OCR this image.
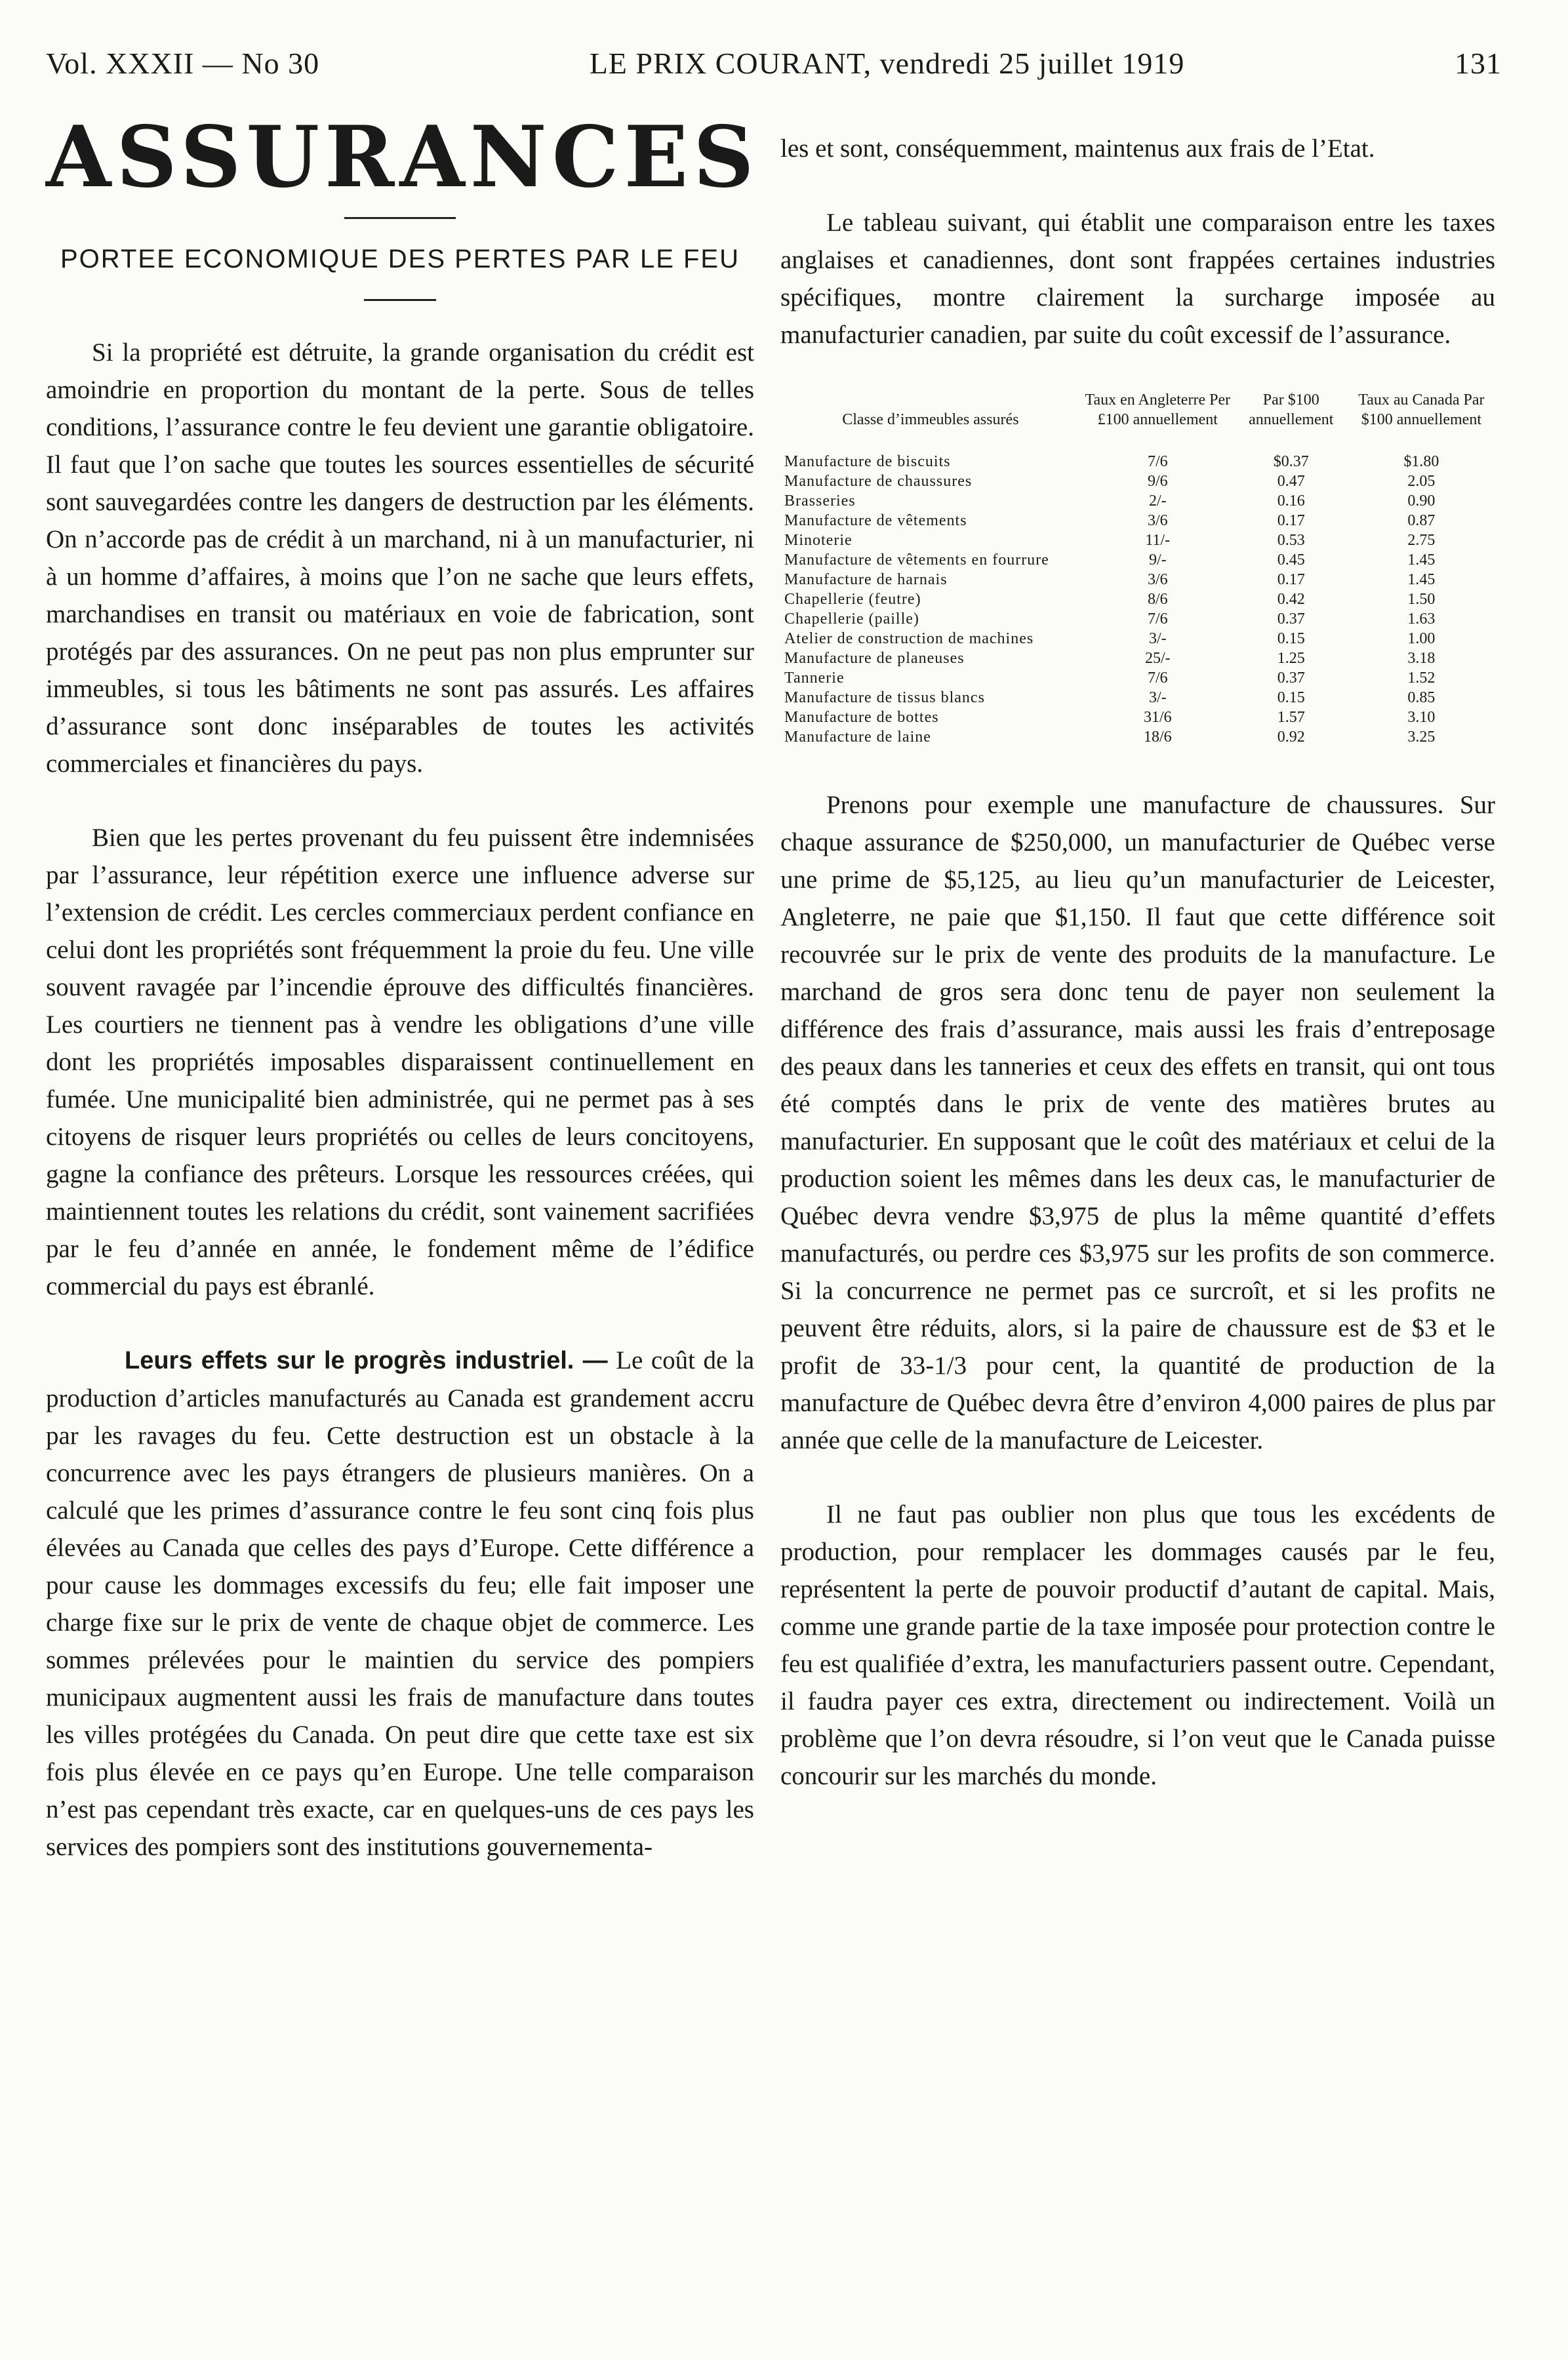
Vol. XXXII — No 30	LE PRIX COURANT, vendredi 25 juillet 1919	131
ASSURANCES
PORTEE ECONOMIQUE DES PERTES PAR LE FEU

Si la propriété est détruite, la grande organisation du crédit est amoindrie en proportion du montant de la perte. Sous de telles conditions, l’assurance contre le feu devient une garantie obligatoire. Il faut que l’on sache que toutes les sources essentielles de sécurité sont sauvegardées contre les dangers de destruction par les éléments. On n’accorde pas de crédit à un marchand, ni à un manufacturier, ni à un homme d’affaires, à moins que l’on ne sache que leurs effets, marchandises en transit ou matériaux en voie de fabrication, sont protégés par des assurances. On ne peut pas non plus emprunter sur immeubles, si tous les bâtiments ne sont pas assurés. Les affaires d’assurance sont donc inséparables de toutes les activités commerciales et financières du pays.

Bien que les pertes provenant du feu puissent être indemnisées par l’assurance, leur répétition exerce une influence adverse sur l’extension de crédit. Les cercles commerciaux perdent confiance en celui dont les propriétés sont fréquemment la proie du feu. Une ville souvent ravagée par l’incendie éprouve des difficultés financières. Les courtiers ne tiennent pas à vendre les obligations d’une ville dont les propriétés imposables disparaissent continuellement en fumée. Une municipalité bien administrée, qui ne permet pas à ses citoyens de risquer leurs propriétés ou celles de leurs concitoyens, gagne la confiance des prêteurs. Lorsque les ressources créées, qui maintiennent toutes les relations du crédit, sont vainement sacrifiées par le feu d’année en année, le fondement même de l’édifice commercial du pays est ébranlé.

Leurs effets sur le progrès industriel. — Le coût de la production d’articles manufacturés au Canada est grandement accru par les ravages du feu. Cette destruction est un obstacle à la concurrence avec les pays étrangers de plusieurs manières. On a calculé que les primes d’assurance contre le feu sont cinq fois plus élevées au Canada que celles des pays d’Europe. Cette différence a pour cause les dommages excessifs du feu; elle fait imposer une charge fixe sur le prix de vente de chaque objet de commerce. Les sommes prélevées pour le maintien du service des pompiers municipaux augmentent aussi les frais de manufacture dans toutes les villes protégées du Canada. On peut dire que cette taxe est six fois plus élevée en ce pays qu’en Europe. Une telle comparaison n’est pas cependant très exacte, car en quelques-uns de ces pays les services des pompiers sont des institutions gouvernementa-

les et sont, conséquemment, maintenus aux frais de l’Etat.

Le tableau suivant, qui établit une comparaison entre les taxes anglaises et canadiennes, dont sont frappées certaines industries spécifiques, montre clairement la surcharge imposée au manufacturier canadien, par suite du coût excessif de l’assurance.

Classe d’immeubles assurés	Taux en Angleterre Per £100 annuellement	Par $100 annuellement	Taux au Canada Par $100 annuellement
Manufacture de biscuits	7/6	$0.37	$1.80
Manufacture de chaussures	9/6	0.47	2.05
Brasseries	2/-	0.16	0.90
Manufacture de vêtements	3/6	0.17	0.87
Minoterie	11/-	0.53	2.75
Manufacture de vêtements en fourrure	9/-	0.45	1.45
Manufacture de harnais	3/6	0.17	1.45
Chapellerie (feutre)	8/6	0.42	1.50
Chapellerie (paille)	7/6	0.37	1.63
Atelier de construction de machines	3/-	0.15	1.00
Manufacture de planeuses	25/-	1.25	3.18
Tannerie	7/6	0.37	1.52
Manufacture de tissus blancs	3/-	0.15	0.85
Manufacture de bottes	31/6	1.57	3.10
Manufacture de laine	18/6	0.92	3.25

Prenons pour exemple une manufacture de chaussures. Sur chaque assurance de $250,000, un manufacturier de Québec verse une prime de $5,125, au lieu qu’un manufacturier de Leicester, Angleterre, ne paie que $1,150. Il faut que cette différence soit recouvrée sur le prix de vente des produits de la manufacture. Le marchand de gros sera donc tenu de payer non seulement la différence des frais d’assurance, mais aussi les frais d’entreposage des peaux dans les tanneries et ceux des effets en transit, qui ont tous été comptés dans le prix de vente des matières brutes au manufacturier. En supposant que le coût des matériaux et celui de la production soient les mêmes dans les deux cas, le manufacturier de Québec devra vendre $3,975 de plus la même quantité d’effets manufacturés, ou perdre ces $3,975 sur les profits de son commerce. Si la concurrence ne permet pas ce surcroît, et si les profits ne peuvent être réduits, alors, si la paire de chaussure est de $3 et le profit de 33-1/3 pour cent, la quantité de production de la manufacture de Québec devra être d’environ 4,000 paires de plus par année que celle de la manufacture de Leicester.

Il ne faut pas oublier non plus que tous les excédents de production, pour remplacer les dommages causés par le feu, représentent la perte de pouvoir productif d’autant de capital. Mais, comme une grande partie de la taxe imposée pour protection contre le feu est qualifiée d’extra, les manufacturiers passent outre. Cependant, il faudra payer ces extra, directement ou indirectement. Voilà un problème que l’on devra résoudre, si l’on veut que le Canada puisse concourir sur les marchés du monde.
